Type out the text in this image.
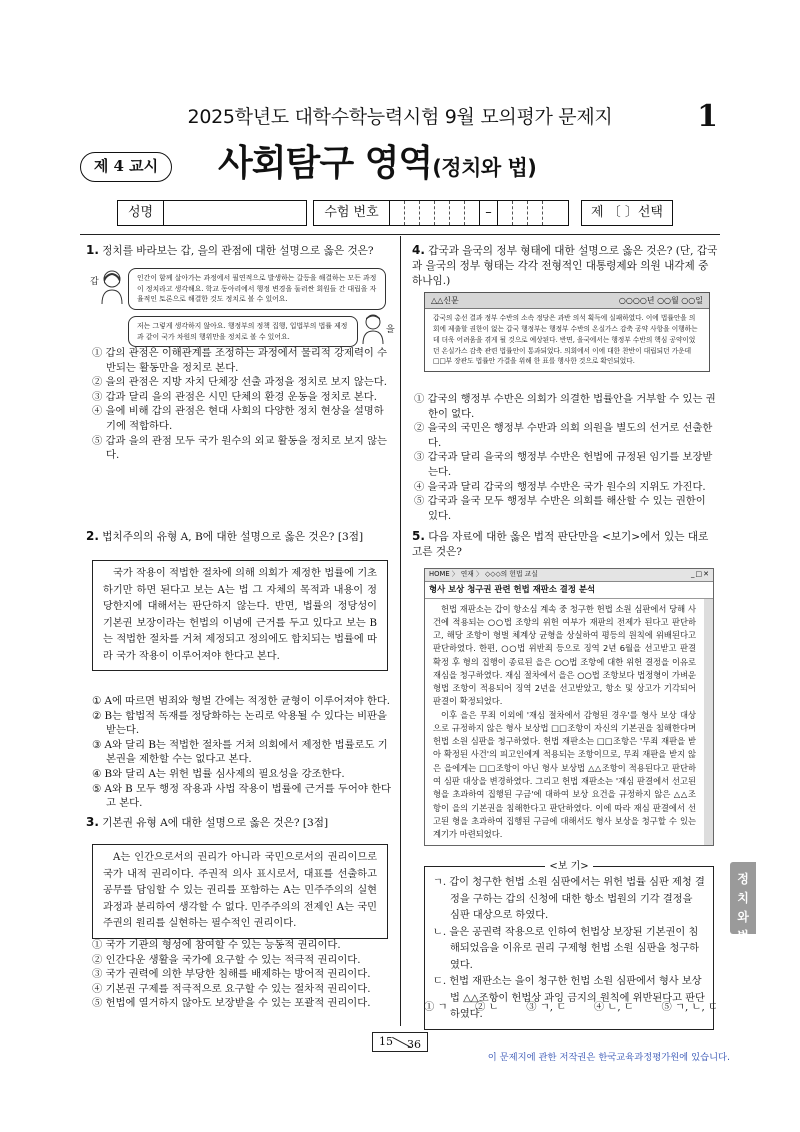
2025학년도 대학수학능력시험 9월 모의평가 문제지	1
제 4 교시	사회탐구 영역(정치와 법)
성명	수험 번호	–	제 〔 〕선택
1. 정치를 바라보는 갑, 을의 관점에 대한 설명으로 옳은 것은?
갑	인간이 함께 살아가는 과정에서 필연적으로 발생하는 갈등을 해결하는 모든 과정이 정치라고 생각해요. 학교 동아리에서 행정 변경을 둘러싼 회원들 간 대립을 자율적인 토론으로 해결한 것도 정치로 볼 수 있어요.
저는 그렇게 생각하지 않아요. 행정부의 정책 집행, 입법부의 법률 제정과 같이 국가 차원의 행위만을 정치로 볼 수 있어요.
을
① 갑의 관점은 이해관계를 조정하는 과정에서 물리적 강제력이 수반되는 활동만을 정치로 본다.
② 을의 관점은 지방 자치 단체장 선출 과정을 정치로 보지 않는다.
③ 갑과 달리 을의 관점은 시민 단체의 환경 운동을 정치로 본다.
④ 을에 비해 갑의 관점은 현대 사회의 다양한 정치 현상을 설명하기에 적합하다.
⑤ 갑과 을의 관점 모두 국가 원수의 외교 활동을 정치로 보지 않는다.
2. 법치주의의 유형 A, B에 대한 설명으로 옳은 것은? [3점]
국가 작용이 적법한 절차에 의해 의회가 제정한 법률에 기초하기만 하면 된다고 보는 A는 법 그 자체의 목적과 내용이 정당한지에 대해서는 판단하지 않는다. 반면, 법률의 정당성이 기본권 보장이라는 헌법의 이념에 근거를 두고 있다고 보는 B는 적법한 절차를 거쳐 제정되고 정의에도 합치되는 법률에 따라 국가 작용이 이루어져야 한다고 본다.
① A에 따르면 범죄와 형벌 간에는 적정한 균형이 이루어져야 한다.
② B는 합법적 독재를 정당화하는 논리로 악용될 수 있다는 비판을 받는다.
③ A와 달리 B는 적법한 절차를 거쳐 의회에서 제정한 법률로도 기본권을 제한할 수는 없다고 본다.
④ B와 달리 A는 위헌 법률 심사제의 필요성을 강조한다.
⑤ A와 B 모두 행정 작용과 사법 작용이 법률에 근거를 두어야 한다고 본다.
3. 기본권 유형 A에 대한 설명으로 옳은 것은? [3점]
A는 인간으로서의 권리가 아니라 국민으로서의 권리이므로 국가 내적 권리이다. 주권적 의사 표시로서, 대표를 선출하고 공무를 담임할 수 있는 권리를 포함하는 A는 민주주의의 실현 과정과 분리하여 생각할 수 없다. 민주주의의 전제인 A는 국민 주권의 원리를 실현하는 필수적인 권리이다.
① 국가 기관의 형성에 참여할 수 있는 능동적 권리이다.
② 인간다운 생활을 국가에 요구할 수 있는 적극적 권리이다.
③ 국가 권력에 의한 부당한 침해를 배제하는 방어적 권리이다.
④ 기본권 구제를 적극적으로 요구할 수 있는 절차적 권리이다.
⑤ 헌법에 열거하지 않아도 보장받을 수 있는 포괄적 권리이다.
4. 갑국과 을국의 정부 형태에 대한 설명으로 옳은 것은? (단, 갑국과 을국의 정부 형태는 각각 전형적인 대통령제와 의원 내각제 중 하나임.)
△△신문	○○○○년 ○○월 ○○일
갑국의 총선 결과 정부 수반의 소속 정당은 과반 의석 획득에 실패하였다. 이에 법률안을 의회에 제출할 권한이 없는 갑국 행정부는 행정부 수반의 온실가스 감축 공약 사항을 이행하는 데 더욱 어려움을 겪게 될 것으로 예상된다. 반면, 을국에서는 행정부 수반의 핵심 공약이었던 온실가스 감축 관련 법률안이 통과되었다. 의회에서 이에 대한 찬반이 대립되던 가운데 □□부 장관도 법률안 가결을 위해 한 표를 행사한 것으로 확인되었다.
① 갑국의 행정부 수반은 의회가 의결한 법률안을 거부할 수 있는 권한이 없다.
② 을국의 국민은 행정부 수반과 의회 의원을 별도의 선거로 선출한다.
③ 갑국과 달리 을국의 행정부 수반은 헌법에 규정된 임기를 보장받는다.
④ 을국과 달리 갑국의 행정부 수반은 국가 원수의 지위도 가진다.
⑤ 갑국과 을국 모두 행정부 수반은 의회를 해산할 수 있는 권한이 있다.
5. 다음 자료에 대한 옳은 법적 판단만을 <보기>에서 있는 대로 고른 것은?
HOME 〉 연재 〉 ◇◇◇의 헌법 교실	_□✕
형사 보상 청구권 관련 헌법 재판소 결정 분석
헌법 재판소는 갑이 항소심 계속 중 청구한 헌법 소원 심판에서 당해 사건에 적용되는 ○○법 조항의 위헌 여부가 재판의 전제가 된다고 판단하고, 해당 조항이 형벌 체계상 균형을 상실하여 평등의 원칙에 위배된다고 판단하였다. 한편, ○○법 위반죄 등으로 징역 2년 6월을 선고받고 판결 확정 후 형의 집행이 종료된 을은 ○○법 조항에 대한 위헌 결정을 이유로 재심을 청구하였다. 재심 절차에서 을은 ○○법 조항보다 법정형이 가벼운 형법 조항이 적용되어 징역 2년을 선고받았고, 항소 및 상고가 기각되어 판결이 확정되었다.
이후 을은 무죄 이외에 '재심 절차에서 감형된 경우'를 형사 보상 대상으로 규정하지 않은 형사 보상법 □□조항이 자신의 기본권을 침해한다며 헌법 소원 심판을 청구하였다. 헌법 재판소는 □□조항은 '무죄 재판을 받아 확정된 사건'의 피고인에게 적용되는 조항이므로, 무죄 재판을 받지 않은 을에게는 □□조항이 아닌 형사 보상법 △△조항이 적용된다고 판단하여 심판 대상을 변경하였다. 그리고 헌법 재판소는 '재심 판결에서 선고된 형을 초과하여 집행된 구금'에 대하여 보상 요건을 규정하지 않은 △△조항이 을의 기본권을 침해한다고 판단하였다. 이에 따라 재심 판결에서 선고된 형을 초과하여 집행된 구금에 대해서도 형사 보상을 청구할 수 있는 계기가 마련되었다.
<보 기>
ㄱ. 갑이 청구한 헌법 소원 심판에서는 위헌 법률 심판 제청 결정을 구하는 갑의 신청에 대한 항소 법원의 기각 결정을 심판 대상으로 하였다.
ㄴ. 을은 공권력 작용으로 인하여 헌법상 보장된 기본권이 침해되었음을 이유로 권리 구제형 헌법 소원 심판을 청구하였다.
ㄷ. 헌법 재판소는 을이 청구한 헌법 소원 심판에서 형사 보상법 △△조항이 헌법상 과잉 금지의 원칙에 위반된다고 판단하였다.
① ㄱ	② ㄴ	③ ㄱ, ㄷ	④ ㄴ, ㄷ	⑤ ㄱ, ㄴ, ㄷ
정
치
와
법
15 36
이 문제지에 관한 저작권은 한국교육과정평가원에 있습니다.
